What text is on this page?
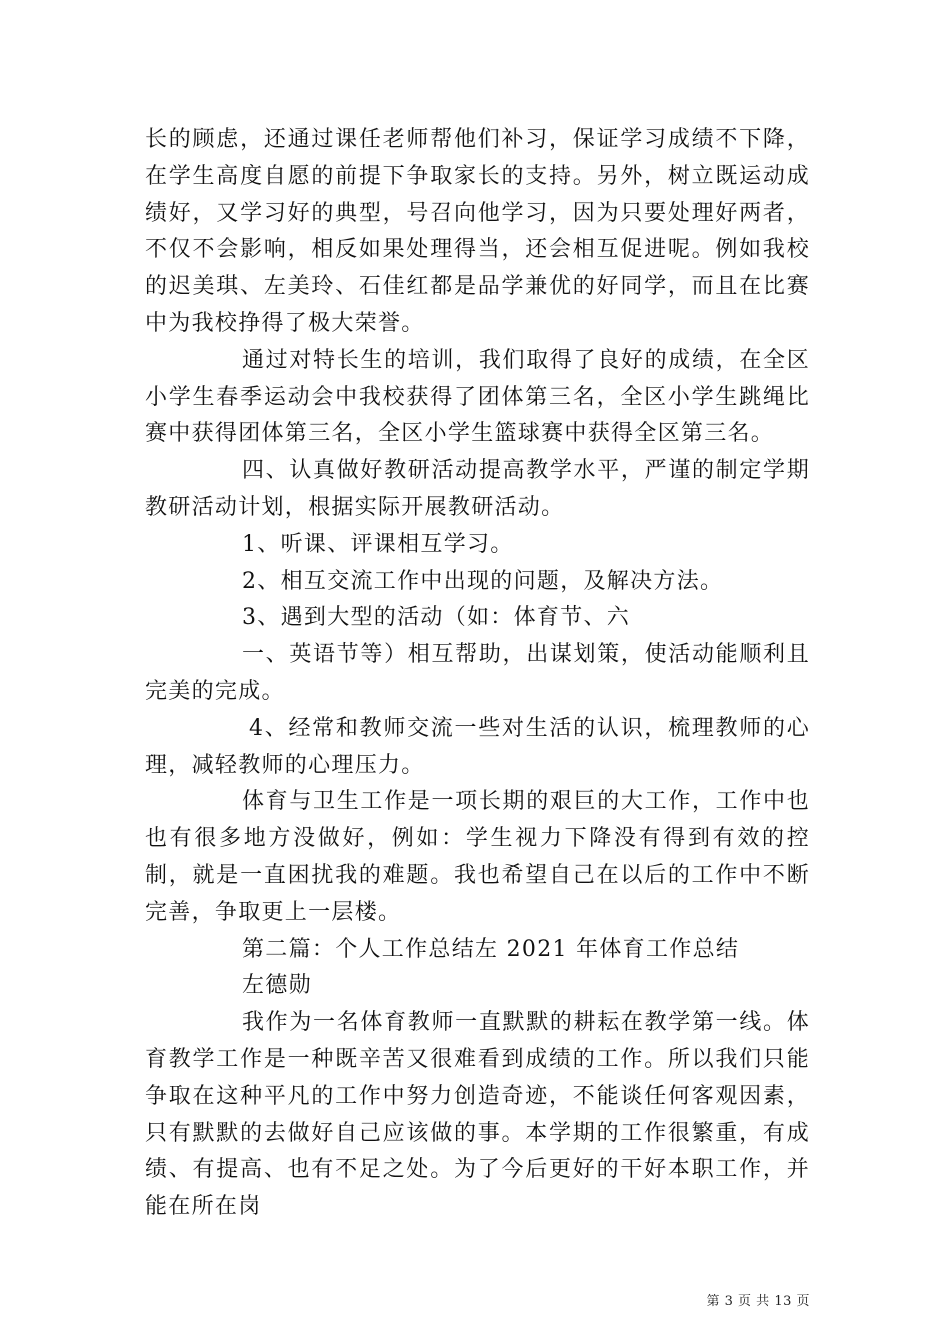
长的顾虑，还通过课任老师帮他们补习，保证学习成绩不下降，在学生高度自愿的前提下争取家长的支持。另外，树立既运动成绩好，又学习好的典型，号召向他学习，因为只要处理好两者，不仅不会影响，相反如果处理得当，还会相互促进呢。例如我校的迟美琪、左美玲、石佳红都是品学兼优的好同学，而且在比赛中为我校挣得了极大荣誉。

通过对特长生的培训，我们取得了良好的成绩，在全区小学生春季运动会中我校获得了团体第三名，全区小学生跳绳比赛中获得团体第三名，全区小学生篮球赛中获得全区第三名。

四、认真做好教研活动提高教学水平，严谨的制定学期教研活动计划，根据实际开展教研活动。

1、听课、评课相互学习。

2、相互交流工作中出现的问题，及解决方法。

3、遇到大型的活动（如：体育节、六

一、英语节等）相互帮助，出谋划策，使活动能顺利且完美的完成。

4、经常和教师交流一些对生活的认识，梳理教师的心理，减轻教师的心理压力。

体育与卫生工作是一项长期的艰巨的大工作，工作中也也有很多地方没做好，例如：学生视力下降没有得到有效的控制，就是一直困扰我的难题。我也希望自己在以后的工作中不断完善，争取更上一层楼。

第二篇：个人工作总结左 2021 年体育工作总结

左德勋

我作为一名体育教师一直默默的耕耘在教学第一线。体育教学工作是一种既辛苦又很难看到成绩的工作。所以我们只能争取在这种平凡的工作中努力创造奇迹，不能谈任何客观因素，只有默默的去做好自己应该做的事。本学期的工作很繁重，有成绩、有提高、也有不足之处。为了今后更好的干好本职工作，并能在所在岗

第 3 页 共 13 页
